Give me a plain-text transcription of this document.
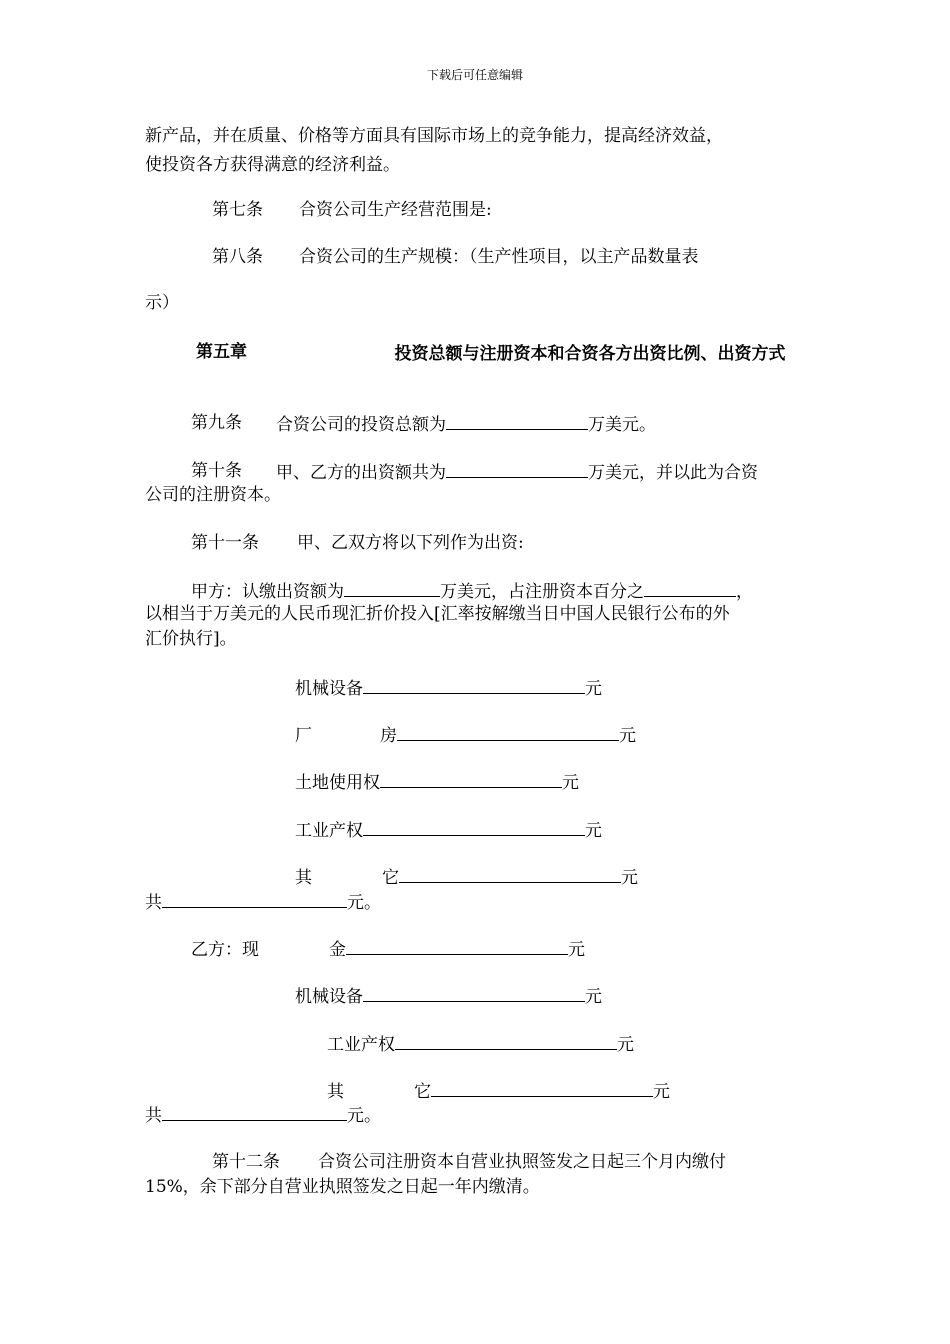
下载后可任意编辑
新产品，并在质量、价格等方面具有国际市场上的竞争能力，提高经济效益，
使投资各方获得满意的经济利益。
第七条 合资公司生产经营范围是:
第八条 合资公司的生产规模：（生产性项目，以主产品数量表
示）
第五章	投资总额与注册资本和合资各方出资比例、出资方式
第九条 合资公司的投资总额为	万美元。
第十条 甲、乙方的出资额共为	万美元，并以此为合资
公司的注册资本。
第十一条 甲、乙双方将以下列作为出资:
甲方：认缴出资额为	万美元，占注册资本百分之	，
以相当于万美元的人民币现汇折价投入[汇率按解缴当日中国人民银行公布的外
汇价执行]。
机械设备	元
厂	房	元
土地使用权	元
工业产权	元
其	它	元
共	元。
乙方：现	金	元
机械设备	元
工业产权	元
其	它	元
共	元。
第十二条 合资公司注册资本自营业执照签发之日起三个月内缴付
15%，余下部分自营业执照签发之日起一年内缴清。
